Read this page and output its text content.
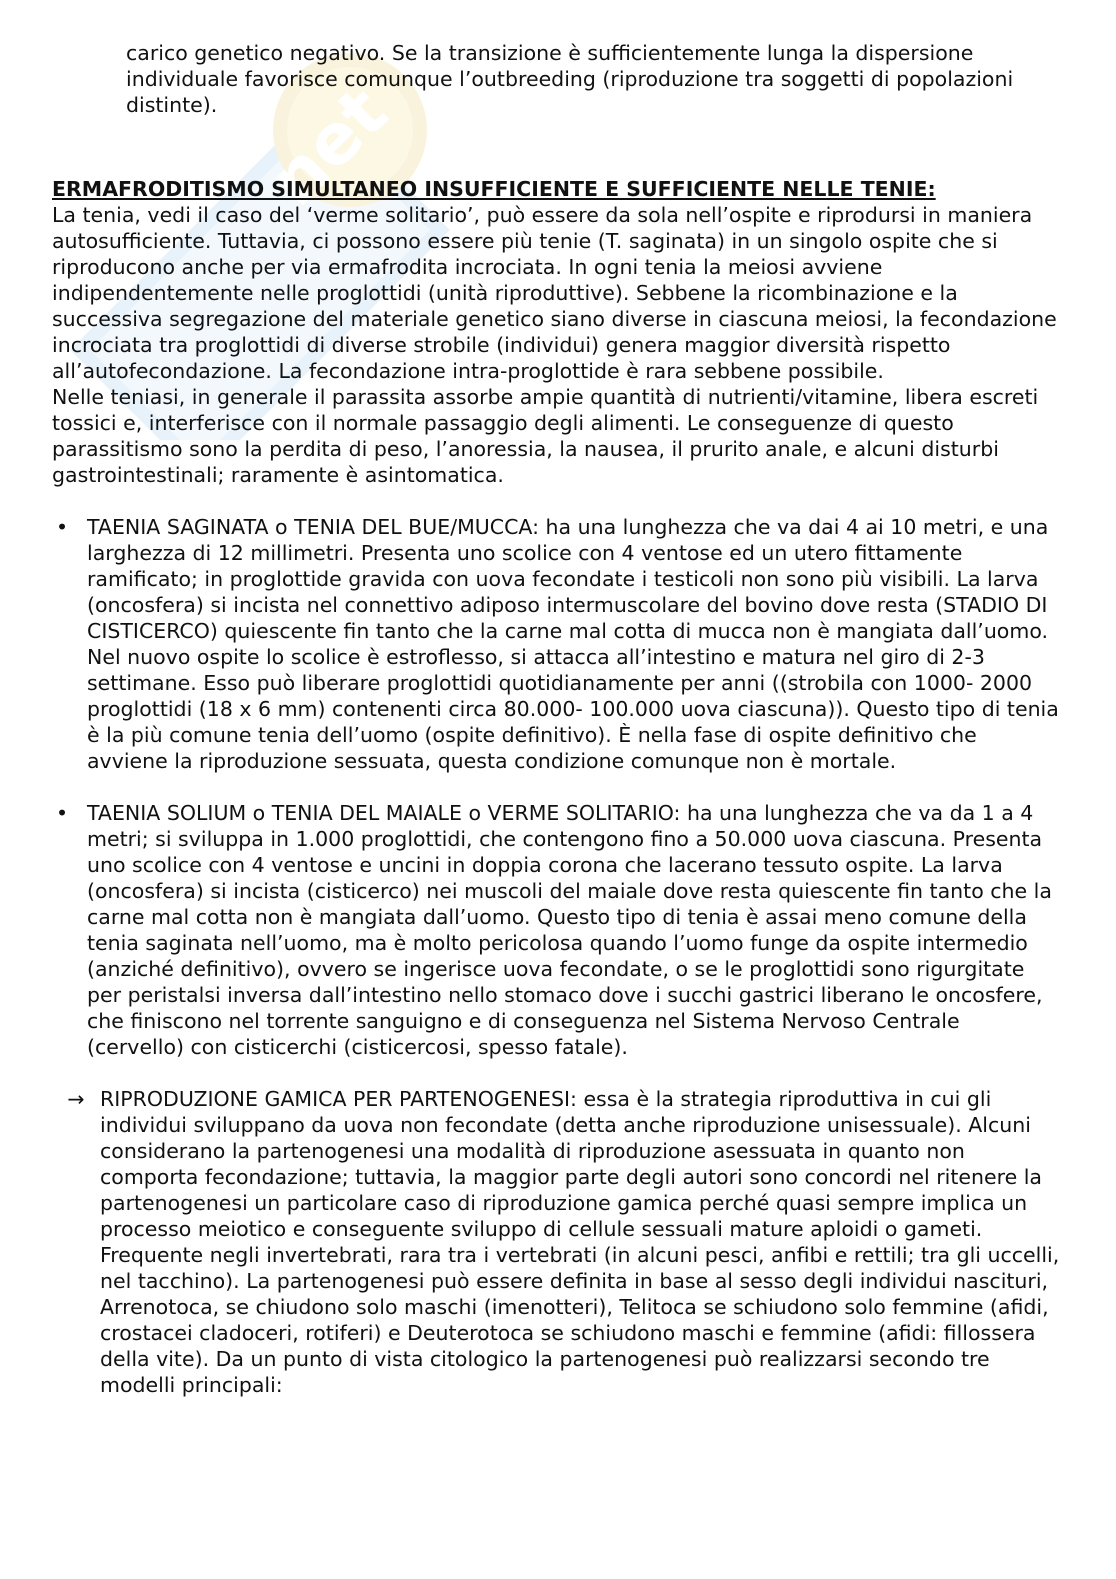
net

carico genetico negativo. Se la transizione è sufficientemente lunga la dispersione individuale favorisce comunque l’outbreeding (riproduzione tra soggetti di popolazioni distinte).

ERMAFRODITISMO SIMULTANEO INSUFFICIENTE E SUFFICIENTE NELLE TENIE:

La tenia, vedi il caso del ‘verme solitario’, può essere da sola nell’ospite e riprodursi in maniera autosufficiente. Tuttavia, ci possono essere più tenie (T. saginata) in un singolo ospite che si riproducono anche per via ermafrodita incrociata. In ogni tenia la meiosi avviene indipendentemente nelle proglottidi (unità riproduttive). Sebbene la ricombinazione e la successiva segregazione del materiale genetico siano diverse in ciascuna meiosi, la fecondazione incrociata tra proglottidi di diverse strobile (individui) genera maggior diversità rispetto all’autofecondazione. La fecondazione intra-proglottide è rara sebbene possibile.

Nelle teniasi, in generale il parassita assorbe ampie quantità di nutrienti/vitamine, libera escreti tossici e, interferisce con il normale passaggio degli alimenti. Le conseguenze di questo parassitismo sono la perdita di peso, l’anoressia, la nausea, il prurito anale, e alcuni disturbi gastrointestinali; raramente è asintomatica.

• TAENIA SAGINATA o TENIA DEL BUE/MUCCA: ha una lunghezza che va dai 4 ai 10 metri, e una larghezza di 12 millimetri. Presenta uno scolice con 4 ventose ed un utero fittamente ramificato; in proglottide gravida con uova fecondate i testicoli non sono più visibili. La larva (oncosfera) si incista nel connettivo adiposo intermuscolare del bovino dove resta (STADIO DI CISTICERCO) quiescente fin tanto che la carne mal cotta di mucca non è mangiata dall’uomo. Nel nuovo ospite lo scolice è estroflesso, si attacca all’intestino e matura nel giro di 2-3 settimane. Esso può liberare proglottidi quotidianamente per anni ((strobila con 1000- 2000 proglottidi (18 x 6 mm) contenenti circa 80.000- 100.000 uova ciascuna)). Questo tipo di tenia è la più comune tenia dell’uomo (ospite definitivo). È nella fase di ospite definitivo che avviene la riproduzione sessuata, questa condizione comunque non è mortale.

• TAENIA SOLIUM o TENIA DEL MAIALE o VERME SOLITARIO: ha una lunghezza che va da 1 a 4 metri; si sviluppa in 1.000 proglottidi, che contengono fino a 50.000 uova ciascuna. Presenta uno scolice con 4 ventose e uncini in doppia corona che lacerano tessuto ospite. La larva (oncosfera) si incista (cisticerco) nei muscoli del maiale dove resta quiescente fin tanto che la carne mal cotta non è mangiata dall’uomo. Questo tipo di tenia è assai meno comune della tenia saginata nell’uomo, ma è molto pericolosa quando l’uomo funge da ospite intermedio (anziché definitivo), ovvero se ingerisce uova fecondate, o se le proglottidi sono rigurgitate per peristalsi inversa dall’intestino nello stomaco dove i succhi gastrici liberano le oncosfere, che finiscono nel torrente sanguigno e di conseguenza nel Sistema Nervoso Centrale (cervello) con cisticerchi (cisticercosi, spesso fatale).

→ RIPRODUZIONE GAMICA PER PARTENOGENESI: essa è la strategia riproduttiva in cui gli individui sviluppano da uova non fecondate (detta anche riproduzione unisessuale). Alcuni considerano la partenogenesi una modalità di riproduzione asessuata in quanto non comporta fecondazione; tuttavia, la maggior parte degli autori sono concordi nel ritenere la partenogenesi un particolare caso di riproduzione gamica perché quasi sempre implica un processo meiotico e conseguente sviluppo di cellule sessuali mature aploidi o gameti. Frequente negli invertebrati, rara tra i vertebrati (in alcuni pesci, anfibi e rettili; tra gli uccelli, nel tacchino). La partenogenesi può essere definita in base al sesso degli individui nascituri, Arrenotoca, se chiudono solo maschi (imenotteri), Telitoca se schiudono solo femmine (afidi, crostacei cladoceri, rotiferi) e Deuterotoca se schiudono maschi e femmine (afidi: fillossera della vite). Da un punto di vista citologico la partenogenesi può realizzarsi secondo tre modelli principali:
